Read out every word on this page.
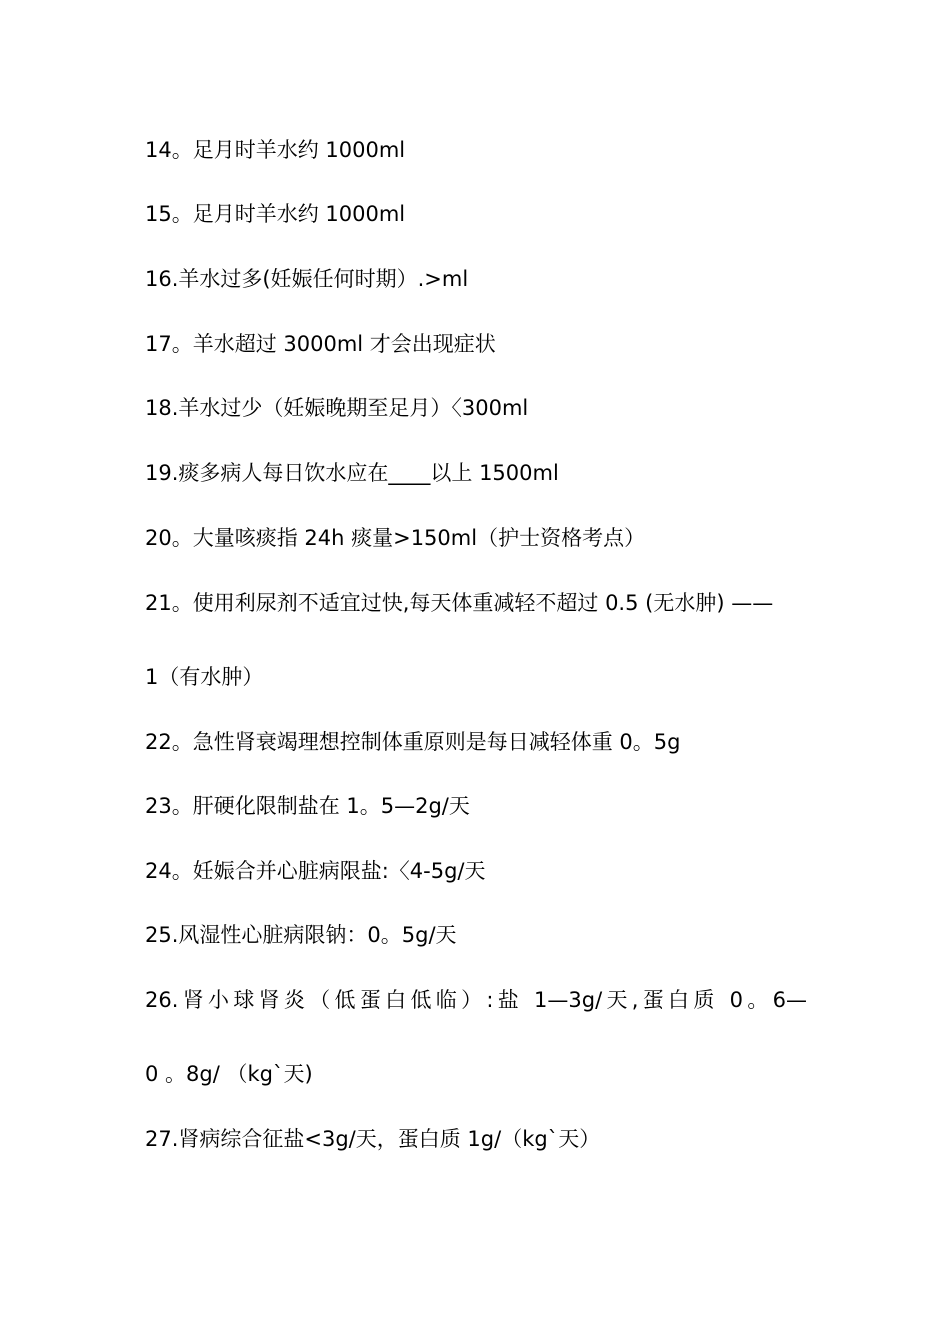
14。足月时羊水约 1000ml
15。足月时羊水约 1000ml
16.羊水过多(妊娠任何时期）.>ml
17。羊水超过 3000ml 才会出现症状
18.羊水过少（妊娠晚期至足月）〈300ml
19.痰多病人每日饮水应在____以上 1500ml
20。大量咳痰指 24h 痰量>150ml（护士资格考点）
21。使用利尿剂不适宜过快,每天体重减轻不超过 0.5 (无水肿) ——
1（有水肿）
22。急性肾衰竭理想控制体重原则是每日减轻体重 0。5g
23。肝硬化限制盐在 1。5—2g/天
24。妊娠合并心脏病限盐:〈4-5g/天
25.风湿性心脏病限钠：0。5g/天
26.肾小球肾炎（低蛋白低临）:盐 1—3g/天,蛋白质 0。6—
0 。8g/ （kg`天)
27.肾病综合征盐<3g/天，蛋白质 1g/（kg`天）
